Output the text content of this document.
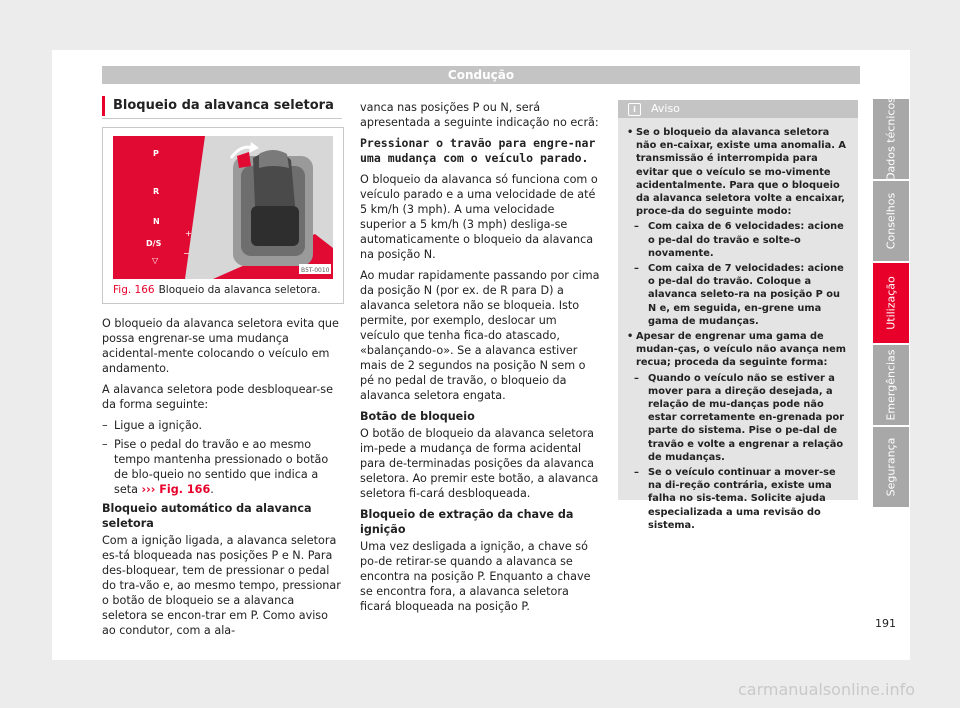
Condução
Bloqueio da alavanca seletora
P
R
N
D/S
▽
+
−
B5T-0010
Fig. 166 Bloqueio da alavanca seletora.

O bloqueio da alavanca seletora evita que possa engrenar-se uma mudança acidental-mente colocando o veículo em andamento.

A alavanca seletora pode desbloquear-se da forma seguinte:

– Ligue a ignição.

– Pise o pedal do travão e ao mesmo tempo mantenha pressionado o botão de blo-queio no sentido que indica a seta ››› Fig. 166.

Bloqueio automático da alavanca seletora

Com a ignição ligada, a alavanca seletora es-tá bloqueada nas posições P e N. Para des-bloquear, tem de pressionar o pedal do tra-vão e, ao mesmo tempo, pressionar o botão de bloqueio se a alavanca seletora se encon-trar em P. Como aviso ao condutor, com a ala-

vanca nas posições P ou N, será apresentada a seguinte indicação no ecrã:

Pressionar o travão para engre-nar uma mudança com o veículo parado.

O bloqueio da alavanca só funciona com o veículo parado e a uma velocidade de até 5 km/h (3 mph). A uma velocidade superior a 5 km/h (3 mph) desliga-se automaticamente o bloqueio da alavanca na posição N.

Ao mudar rapidamente passando por cima da posição N (por ex. de R para D) a alavanca seletora não se bloqueia. Isto permite, por exemplo, deslocar um veículo que tenha fica-do atascado, «balançando-o». Se a alavanca estiver mais de 2 segundos na posição N sem o pé no pedal de travão, o bloqueio da alavanca seletora engata.

Botão de bloqueio

O botão de bloqueio da alavanca seletora im-pede a mudança de forma acidental para de-terminadas posições da alavanca seletora. Ao premir este botão, a alavanca seletora fi-cará desbloqueada.

Bloqueio de extração da chave da ignição

Uma vez desligada a ignição, a chave só po-de retirar-se quando a alavanca se encontra na posição P. Enquanto a chave se encontra fora, a alavanca seletora ficará bloqueada na posição P.

i Aviso

• Se o bloqueio da alavanca seletora não en-caixar, existe uma anomalia. A transmissão é interrompida para evitar que o veículo se mo-vimente acidentalmente. Para que o bloqueio da alavanca seletora volte a encaixar, proce-da do seguinte modo:

– Com caixa de 6 velocidades: acione o pe-dal do travão e solte-o novamente.

– Com caixa de 7 velocidades: acione o pe-dal do travão. Coloque a alavanca seleto-ra na posição P ou N e, em seguida, en-grene uma gama de mudanças.

• Apesar de engrenar uma gama de mudan-ças, o veículo não avança nem recua; proceda da seguinte forma:

– Quando o veículo não se estiver a mover para a direção desejada, a relação de mu-danças pode não estar corretamente en-grenada por parte do sistema. Pise o pe-dal de travão e volte a engrenar a relação de mudanças.

– Se o veículo continuar a mover-se na di-reção contrária, existe uma falha no sis-tema. Solicite ajuda especializada a uma revisão do sistema.

Dados técnicos
Conselhos
Utilização
Emergências
Segurança
191
carmanualsonline.info
